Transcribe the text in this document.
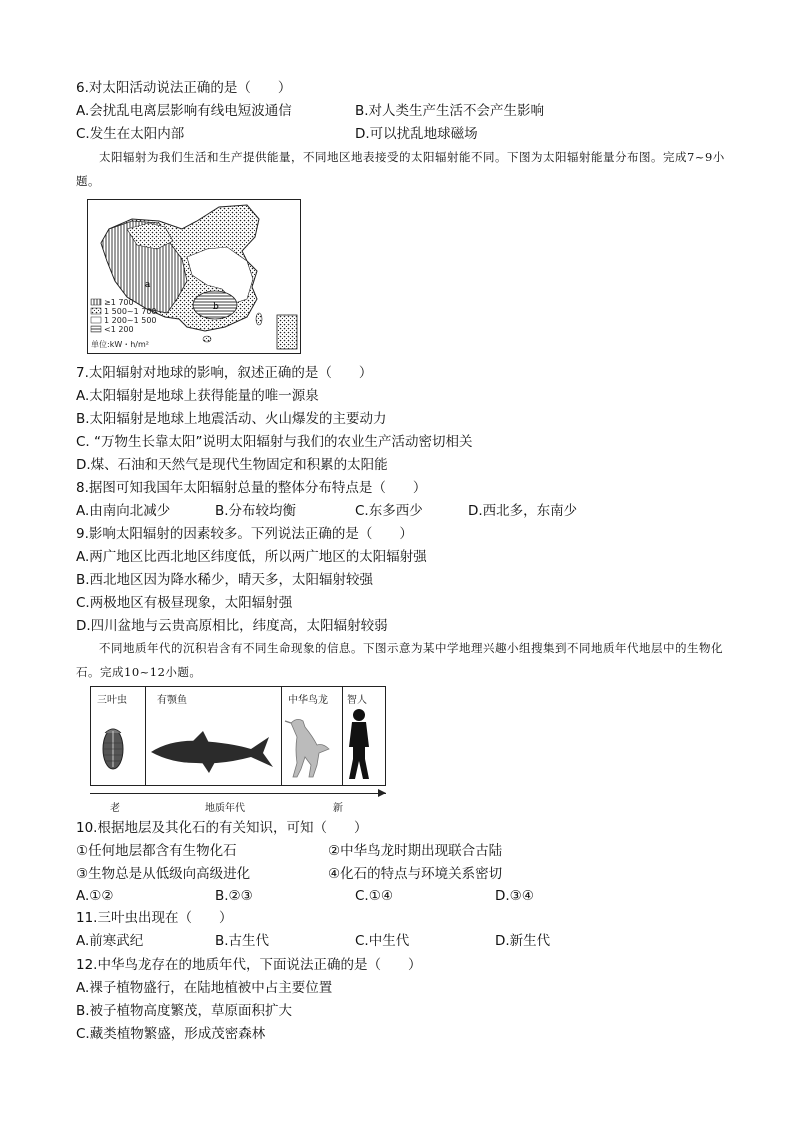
6.对太阳活动说法正确的是（　　）
A.会扰乱电离层影响有线电短波通信	B.对人类生产生活不会产生影响
C.发生在太阳内部	D.可以扰乱地球磁场
太阳辐射为我们生活和生产提供能量，不同地区地表接受的太阳辐射能不同。下图为太阳辐射能量分布图。完成7~9小题。
a
b
≥1 700
1 500~1 700
1 200~1 500
<1 200
单位:kW・h/m²
7.太阳辐射对地球的影响，叙述正确的是（　　）
A.太阳辐射是地球上获得能量的唯一源泉
B.太阳辐射是地球上地震活动、火山爆发的主要动力
C. “万物生长靠太阳”说明太阳辐射与我们的农业生产活动密切相关
D.煤、石油和天然气是现代生物固定和积累的太阳能
8.据图可知我国年太阳辐射总量的整体分布特点是（　　）
A.由南向北减少	B.分布较均衡	C.东多西少	D.西北多，东南少
9.影响太阳辐射的因素较多。下列说法正确的是（　　）
A.两广地区比西北地区纬度低，所以两广地区的太阳辐射强
B.西北地区因为降水稀少，晴天多，太阳辐射较强
C.两极地区有极昼现象，太阳辐射强
D.四川盆地与云贵高原相比，纬度高，太阳辐射较弱
不同地质年代的沉积岩含有不同生命现象的信息。下图示意为某中学地理兴趣小组搜集到不同地质年代地层中的生物化石。完成10~12小题。
三叶虫	有颚鱼	中华鸟龙 智人
老	地质年代	新
10.根据地层及其化石的有关知识，可知（　　）
①任何地层都含有生物化石	②中华鸟龙时期出现联合古陆
③生物总是从低级向高级进化	④化石的特点与环境关系密切
A.①②	B.②③	C.①④	D.③④
11.三叶虫出现在（　　）
A.前寒武纪	B.古生代	C.中生代	D.新生代
12.中华鸟龙存在的地质年代，下面说法正确的是（　　）
A.裸子植物盛行，在陆地植被中占主要位置
B.被子植物高度繁茂，草原面积扩大
C.藏类植物繁盛，形成茂密森林
